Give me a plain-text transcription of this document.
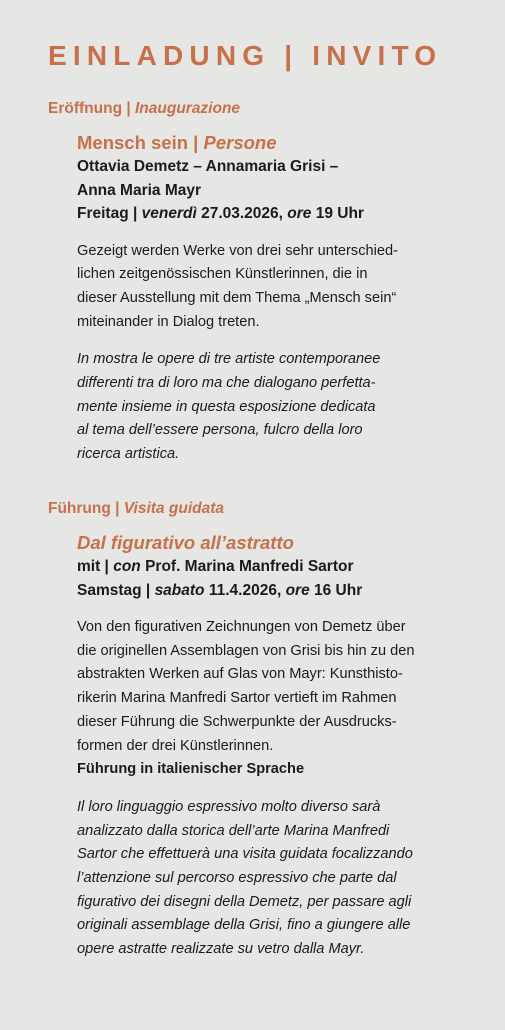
EINLADUNG | INVITO
Eröffnung | Inaugurazione
Mensch sein | Persone
Ottavia Demetz – Annamaria Grisi –
Anna Maria Mayr
Freitag | venerdì 27.03.2026, ore 19 Uhr

Gezeigt werden Werke von drei sehr unterschied-
lichen zeitgenössischen Künstlerinnen, die in
dieser Ausstellung mit dem Thema „Mensch sein“
miteinander in Dialog treten.

In mostra le opere di tre artiste contemporanee
differenti tra di loro ma che dialogano perfetta-
mente insieme in questa esposizione dedicata
al tema dell’essere persona, fulcro della loro
ricerca artistica.

Führung | Visita guidata
Dal figurativo all’astratto
mit | con Prof. Marina Manfredi Sartor
Samstag | sabato 11.4.2026, ore 16 Uhr

Von den figurativen Zeichnungen von Demetz über
die originellen Assemblagen von Grisi bis hin zu den
abstrakten Werken auf Glas von Mayr: Kunsthisto-
rikerin Marina Manfredi Sartor vertieft im Rahmen
dieser Führung die Schwerpunkte der Ausdrucks-
formen der drei Künstlerinnen.
Führung in italienischer Sprache

Il loro linguaggio espressivo molto diverso sarà
analizzato dalla storica dell’arte Marina Manfredi
Sartor che effettuerà una visita guidata focalizzando
l’attenzione sul percorso espressivo che parte dal
figurativo dei disegni della Demetz, per passare agli
originali assemblage della Grisi, fino a giungere alle
opere astratte realizzate su vetro dalla Mayr.
